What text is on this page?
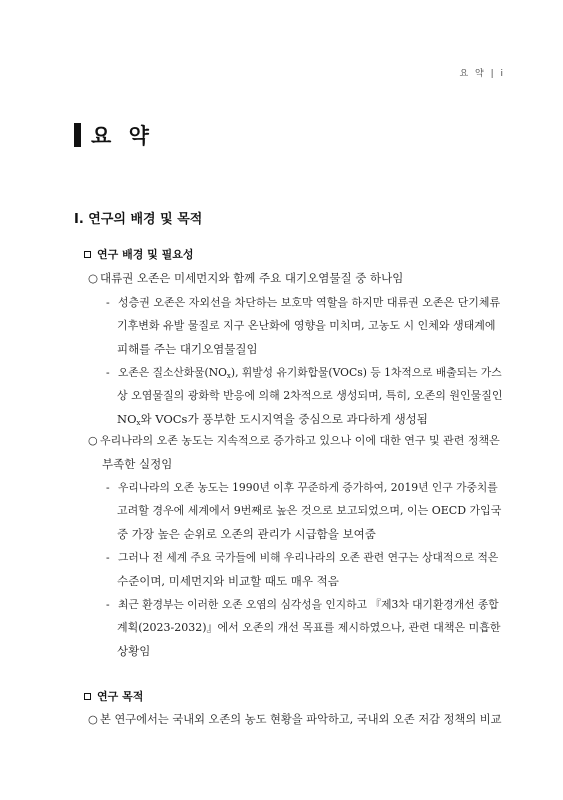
요 약 | i
요 약
Ⅰ. 연구의 배경 및 목적
연구 배경 및 필요성
○ 대류권 오존은 미세먼지와 함께 주요 대기오염물질 중 하나임
- 성층권 오존은 자외선을 차단하는 보호막 역할을 하지만 대류권 오존은 단기체류
기후변화 유발 물질로 지구 온난화에 영향을 미치며, 고농도 시 인체와 생태계에
피해를 주는 대기오염물질임
- 오존은 질소산화물$(NO_x)$, 휘발성 유기화합물(VOCs) 등 1차적으로 배출되는 가스
상 오염물질의 광화학 반응에 의해 2차적으로 생성되며, 특히, 오존의 원인물질인
$NO_x$와 VOCs가 풍부한 도시지역을 중심으로 과다하게 생성됨
○ 우리나라의 오존 농도는 지속적으로 증가하고 있으나 이에 대한 연구 및 관련 정책은
부족한 실정임
- 우리나라의 오존 농도는 1990년 이후 꾸준하게 증가하여, 2019년 인구 가중치를
고려할 경우에 세계에서 9번째로 높은 것으로 보고되었으며, 이는 OECD 가입국
중 가장 높은 순위로 오존의 관리가 시급함을 보여줌
- 그러나 전 세계 주요 국가들에 비해 우리나라의 오존 관련 연구는 상대적으로 적은
수준이며, 미세먼지와 비교할 때도 매우 적음
- 최근 환경부는 이러한 오존 오염의 심각성을 인지하고 『제3차 대기환경개선 종합
계획(2023-2032)』에서 오존의 개선 목표를 제시하였으나, 관련 대책은 미흡한
상황임
연구 목적
○ 본 연구에서는 국내외 오존의 농도 현황을 파악하고, 국내외 오존 저감 정책의 비교
